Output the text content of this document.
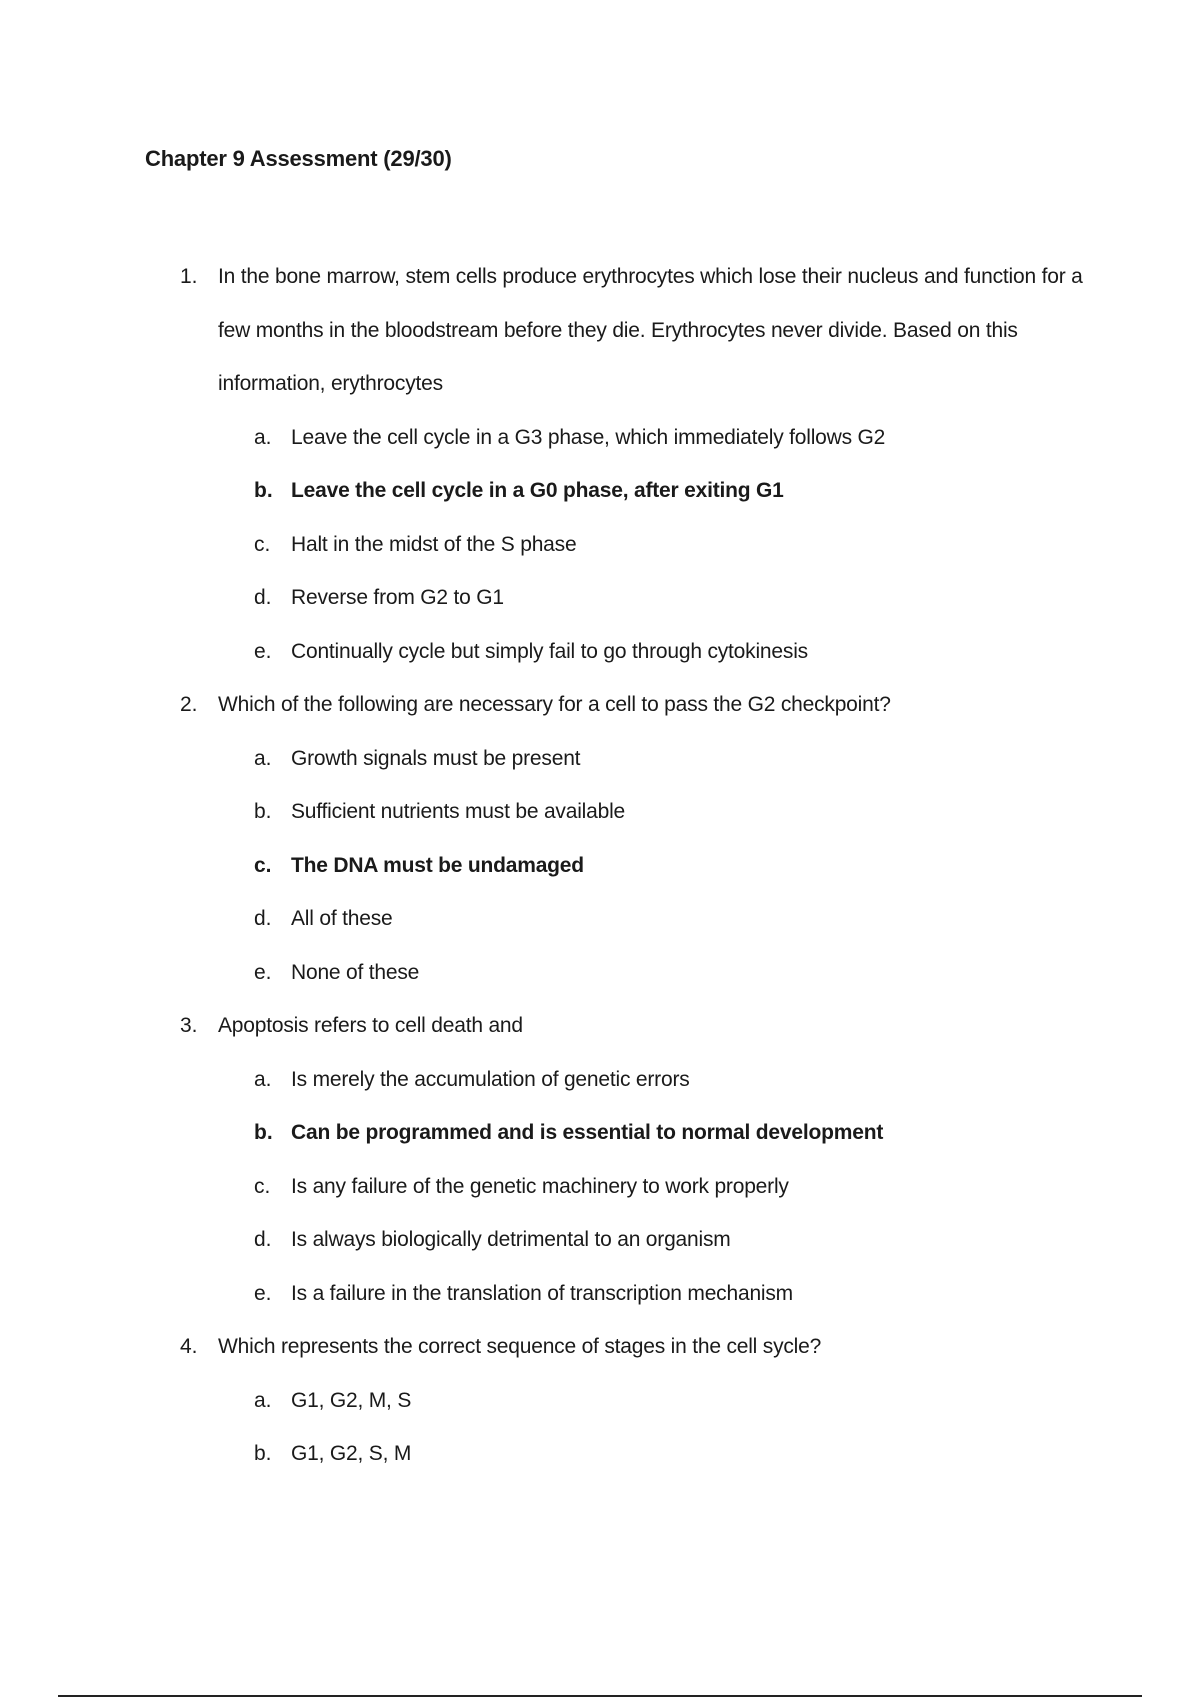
Chapter 9 Assessment (29/30)
1. In the bone marrow, stem cells produce erythrocytes which lose their nucleus and function for a few months in the bloodstream before they die. Erythrocytes never divide. Based on this information, erythrocytes

a. Leave the cell cycle in a G3 phase, which immediately follows G2
b. Leave the cell cycle in a G0 phase, after exiting G1
c. Halt in the midst of the S phase
d. Reverse from G2 to G1
e. Continually cycle but simply fail to go through cytokinesis
2. Which of the following are necessary for a cell to pass the G2 checkpoint?

a. Growth signals must be present
b. Sufficient nutrients must be available
c. The DNA must be undamaged
d. All of these
e. None of these
3. Apoptosis refers to cell death and

a. Is merely the accumulation of genetic errors
b. Can be programmed and is essential to normal development
c. Is any failure of the genetic machinery to work properly
d. Is always biologically detrimental to an organism
e. Is a failure in the translation of transcription mechanism
4. Which represents the correct sequence of stages in the cell sycle?

a. G1, G2, M, S
b. G1, G2, S, M
